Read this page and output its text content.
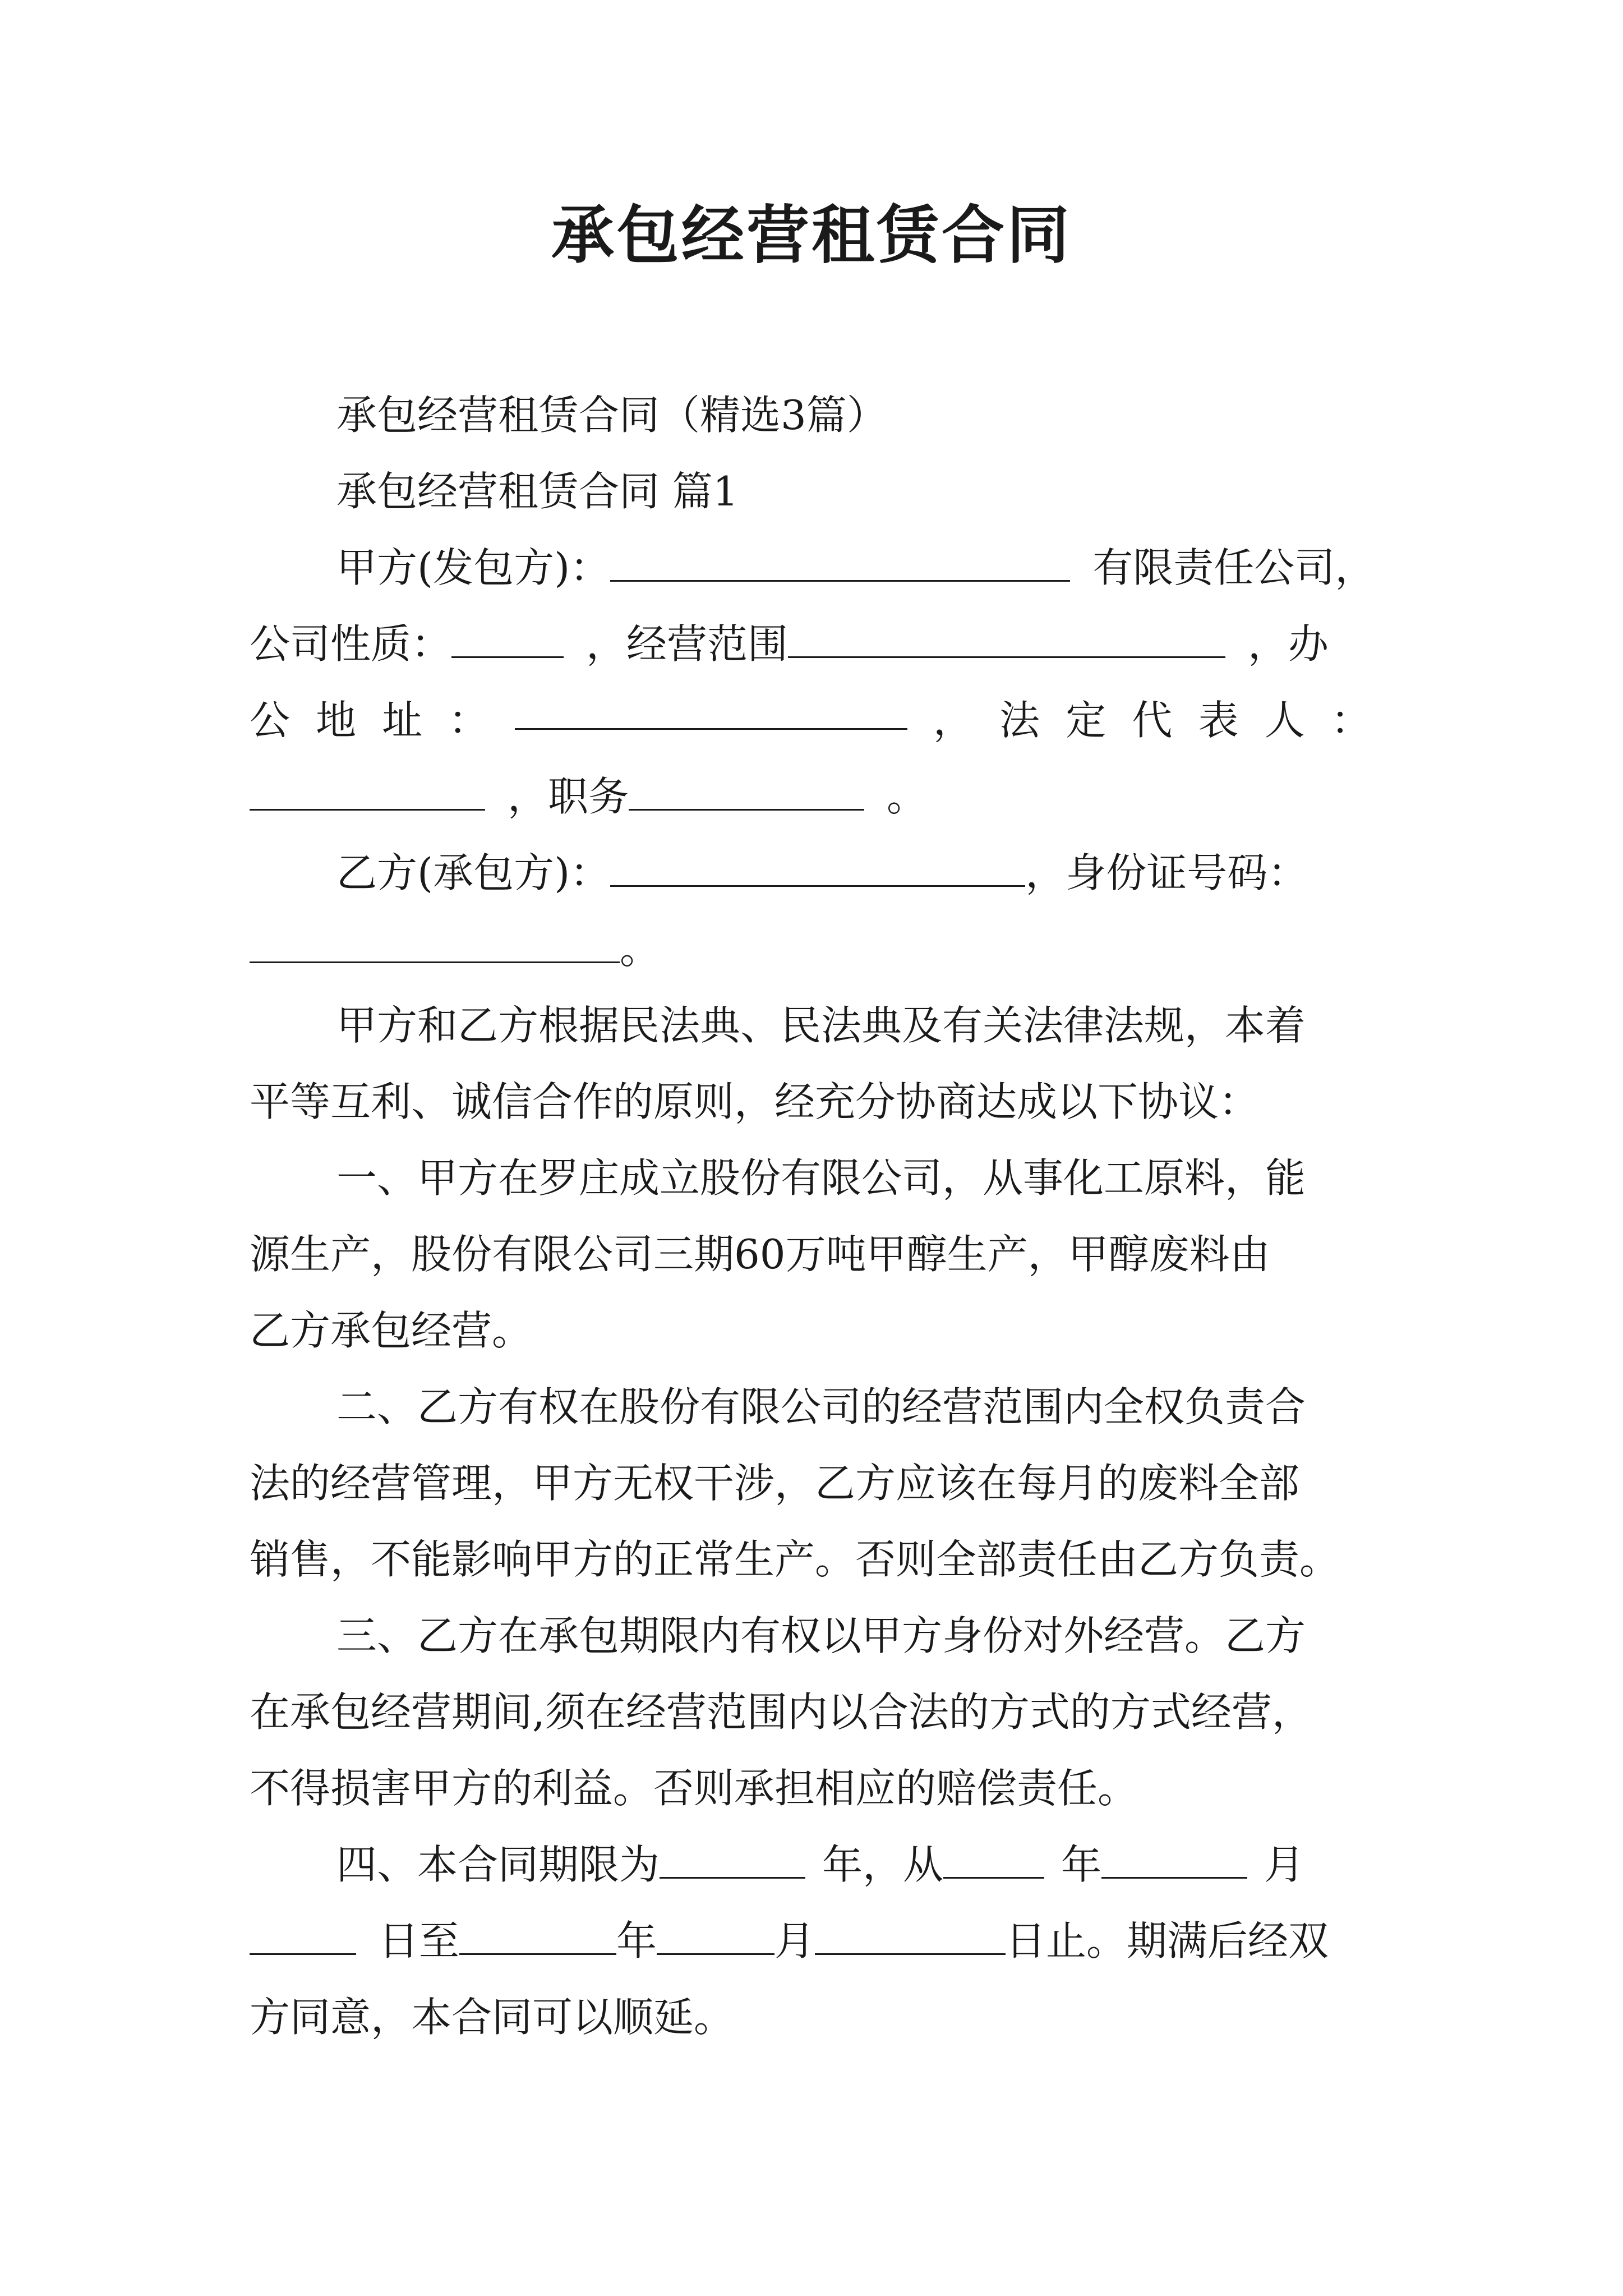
承包经营租赁合同
承包经营租赁合同（精选3篇）
承包经营租赁合同 篇1
甲方(发包方)：	有限责任公司，
公司性质：	，经营范围	，办
公 地 址 ：	， 法 定 代 表 人 ：
，职务	。
乙方(承包方)：	，身份证号码：
。
甲方和乙方根据民法典、民法典及有关法律法规，本着
平等互利、诚信合作的原则，经充分协商达成以下协议：
一、甲方在罗庄成立股份有限公司，从事化工原料，能
源生产，股份有限公司三期60万吨甲醇生产，甲醇废料由
乙方承包经营。
二、乙方有权在股份有限公司的经营范围内全权负责合
法的经营管理，甲方无权干涉，乙方应该在每月的废料全部
销售，不能影响甲方的正常生产。否则全部责任由乙方负责。
三、乙方在承包期限内有权以甲方身份对外经营。乙方
在承包经营期间,须在经营范围内以合法的方式的方式经营，
不得损害甲方的利益。否则承担相应的赔偿责任。
四、本合同期限为	年，从	年	月
日至	年	月	日止。期满后经双
方同意，本合同可以顺延。
